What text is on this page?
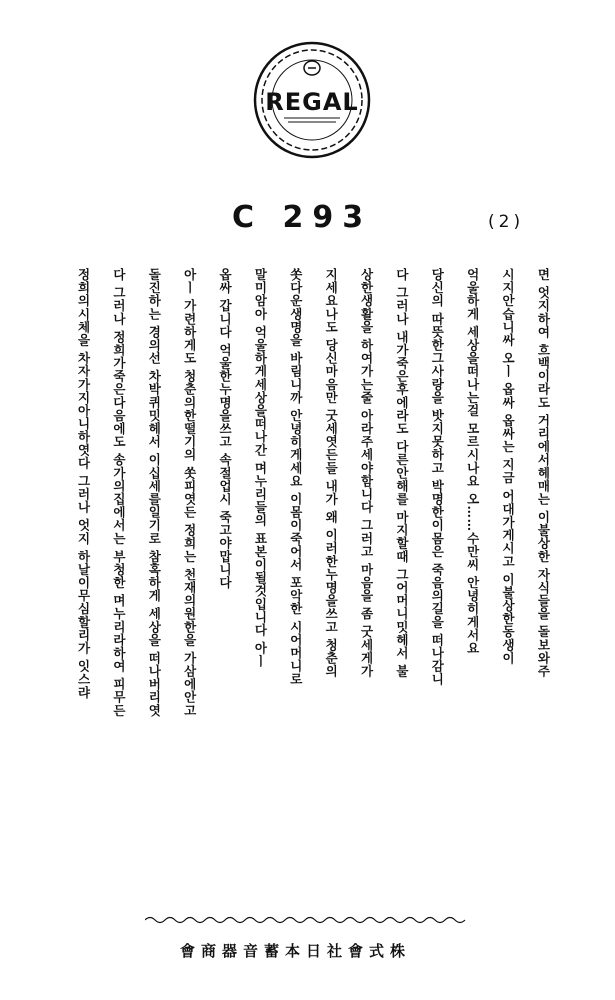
REGAL
C 293	(2)
면 엇지하여 흐백이라도 거리에서헤매는 이불상한 자식들을 돌보와주
시지안습니싸 오ㅣ 옵싸 옵싸는 지금 어대가게시고 이불상한동생이
억울하게 세상을떠나는걸 모르시나요 오……수만씨 안녕히게서요
당신의 따뜻한그사랑을 밧지못하고 박명한이몸은 죽음의길을 떠나감니
다 그러나 내가죽은후에라도 다른안해를 마지할때 그어머니밋헤서 불
상한생활을 하여가는줄 아라주세야함니다 그러고 마음을 좀 굿세게가
지세요나도 당신마음만 굿세엿든들 내가 왜 이러한누명을쓰고 청춘의
쏫다운생명을 바림니까 안녕히게세요 이몸이죽어서 포악한 시어머니로
말미암아 억울하게세상을떠나간 며누리들의 표본이될것입니다 아ㅣ
옵싸 갑니다 억울한누명을쓰고 속절업시 죽고야맙니다
아ㅣ 가련하게도 청춘의한떨기의 쏫피엿든 정희는 천재의원한을 가삼에안고
돌진하는 경의선 차박퀴밋헤서 이십세를일기로 참혹하게 세상을 떠나버리엿
다 그러나 정희가죽은다음에도 송가의집에서는 부청한 며누리라하여 피무든
정희의시체을 차자가지아니하엿다 그러나 엇지 하날이무심할리가 잇스랴
株式會社日本蓄音器商會
